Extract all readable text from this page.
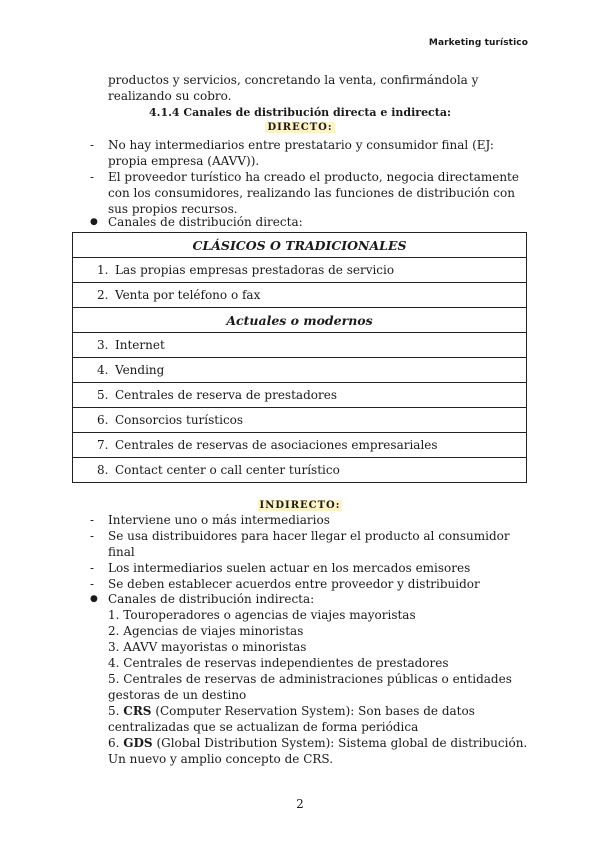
Marketing turístico
productos y servicios, concretando la venta, confirmándola y realizando su cobro.
4.1.4 Canales de distribución directa e indirecta:
DIRECTO:
- No hay intermediarios entre prestatario y consumidor final (EJ: propia empresa (AAVV)).
- El proveedor turístico ha creado el producto, negocia directamente con los consumidores, realizando las funciones de distribución con sus propios recursos.
● Canales de distribución directa:
CLÁSICOS O TRADICIONALES
1. Las propias empresas prestadoras de servicio
2. Venta por teléfono o fax
Actuales o modernos
3. Internet
4. Vending
5. Centrales de reserva de prestadores
6. Consorcios turísticos
7. Centrales de reservas de asociaciones empresariales
8. Contact center o call center turístico
INDIRECTO:
- Interviene uno o más intermediarios
- Se usa distribuidores para hacer llegar el producto al consumidor final
- Los intermediarios suelen actuar en los mercados emisores
- Se deben establecer acuerdos entre proveedor y distribuidor
● Canales de distribución indirecta:
1. Touroperadores o agencias de viajes mayoristas
2. Agencias de viajes minoristas
3. AAVV mayoristas o minoristas
4. Centrales de reservas independientes de prestadores
5. Centrales de reservas de administraciones públicas o entidades gestoras de un destino
5. CRS (Computer Reservation System): Son bases de datos centralizadas que se actualizan de forma periódica
6. GDS (Global Distribution System): Sistema global de distribución. Un nuevo y amplio concepto de CRS.
2
